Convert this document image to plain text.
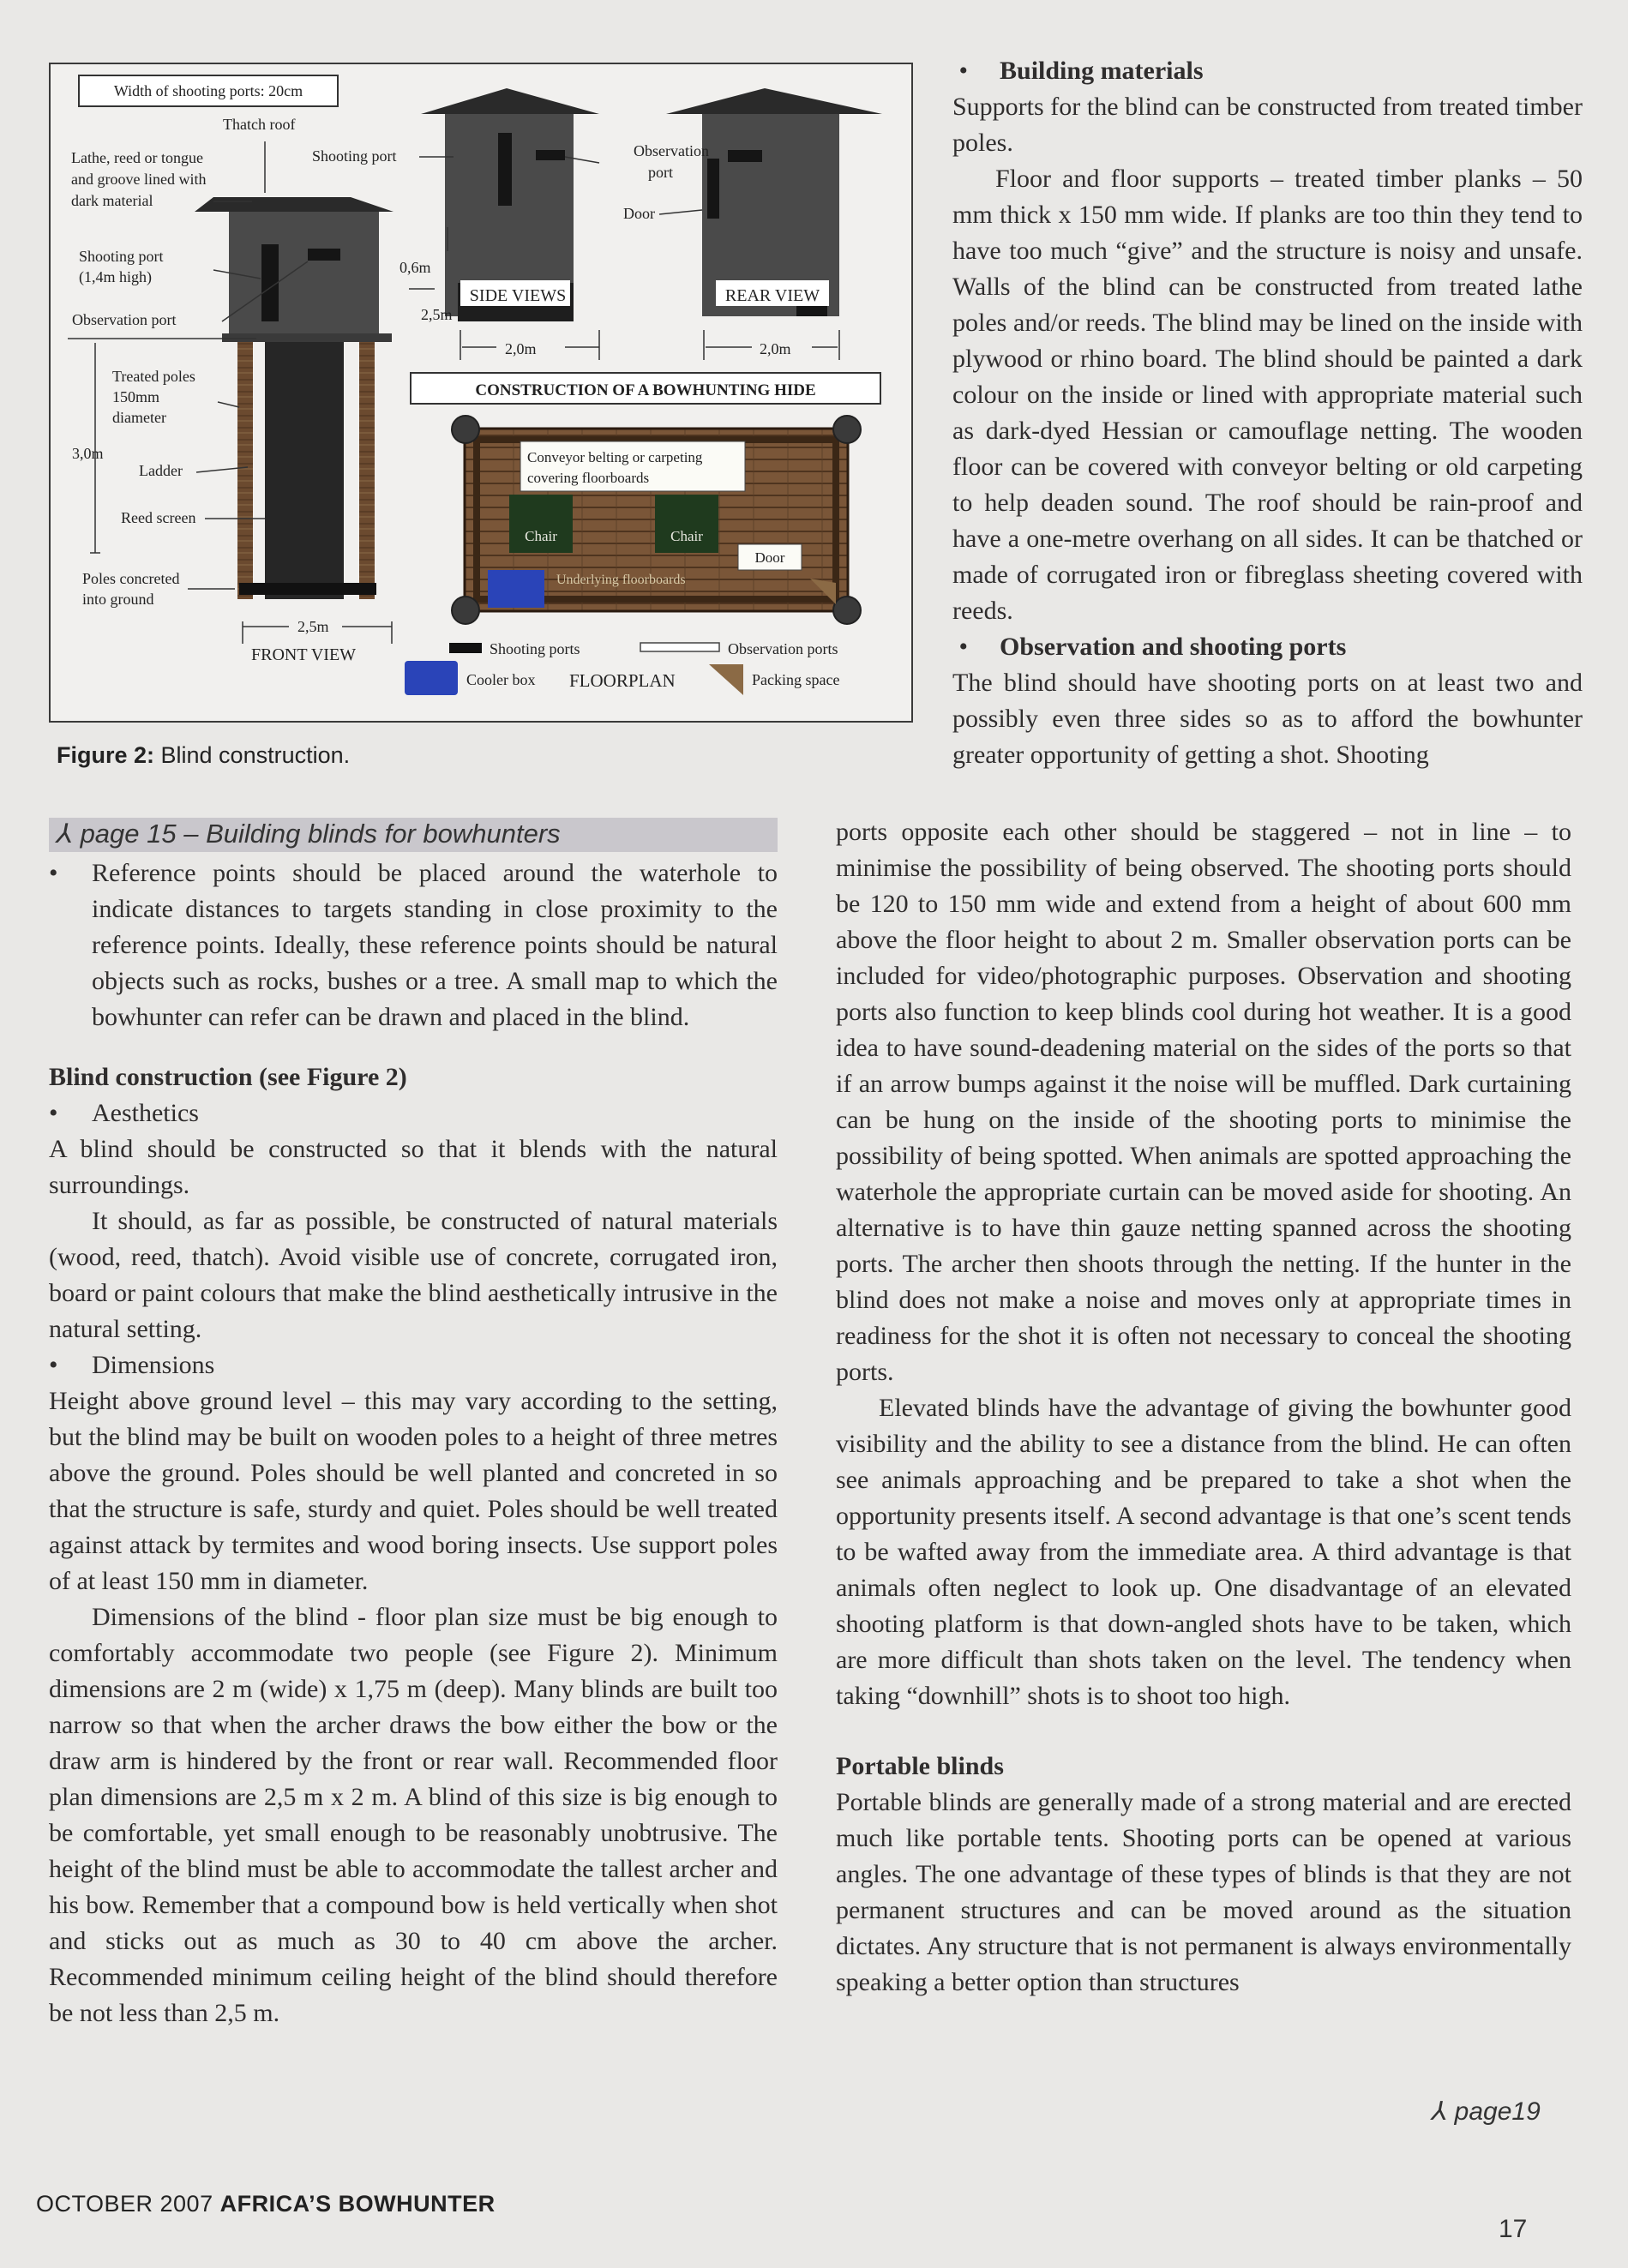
Width of shooting ports: 20cm
SIDE VIEWS	REAR VIEW
Thatch roof
Lathe, reed or tongue
and groove lined with
dark material
Shooting port	Observation
port
Door
Shooting port
(1,4m high)
Observation port
Treated poles
150mm
diameter
3,0m
Ladder
Reed screen
Poles concreted
into ground
2,5m
FRONT VIEW
0,6m
2,5m
2,0m	2,0m
CONSTRUCTION OF A BOWHUNTING HIDE
Conveyor belting or carpeting
covering floorboards
Chair	Chair
Door
Underlying floorboards
Shooting ports	Observation ports
Cooler box FLOORPLAN	Packing space
Figure 2: Blind construction.
⅄ page 15 – Building blinds for bowhunters
•	Reference points should be placed around the waterhole to indicate distances to targets standing in close proximity to the reference points. Ideally, these reference points should be natural objects such as rocks, bushes or a tree. A small map to which the bowhunter can refer can be drawn and placed in the blind.
Blind construction (see Figure 2)
•	Aesthetics

A blind should be constructed so that it blends with the natural surroundings.

It should, as far as possible, be constructed of natural materials (wood, reed, thatch). Avoid visible use of concrete, corrugated iron, board or paint colours that make the blind aesthetically intrusive in the natural setting.

•	Dimensions

Height above ground level – this may vary according to the setting, but the blind may be built on wooden poles to a height of three metres above the ground. Poles should be well planted and concreted in so that the structure is safe, sturdy and quiet. Poles should be well treated against attack by termites and wood boring insects. Use support poles of at least 150 mm in diameter.

Dimensions of the blind - floor plan size must be big enough to comfortably accommodate two people (see Figure 2). Minimum dimensions are 2 m (wide) x 1,75 m (deep). Many blinds are built too narrow so that when the archer draws the bow either the bow or the draw arm is hindered by the front or rear wall. Recommended floor plan dimensions are 2,5 m x 2 m. A blind of this size is big enough to be comfortable, yet small enough to be reasonably unobtrusive. The height of the blind must be able to accommodate the tallest archer and his bow. Remember that a compound bow is held vertically when shot and sticks out as much as 30 to 40 cm above the archer. Recommended minimum ceiling height of the blind should therefore be not less than 2,5 m.

•	Building materials

Supports for the blind can be constructed from treated timber poles.

Floor and floor supports – treated timber planks – 50 mm thick x 150 mm wide. If planks are too thin they tend to have too much “give” and the structure is noisy and unsafe. Walls of the blind can be constructed from treated lathe poles and/or reeds. The blind may be lined on the inside with plywood or rhino board. The blind should be painted a dark colour on the inside or lined with appropriate material such as dark-dyed Hessian or camouflage netting. The wooden floor can be covered with conveyor belting or old carpeting to help deaden sound. The roof should be rain-proof and have a one-metre overhang on all sides. It can be thatched or made of corrugated iron or fibreglass sheeting covered with reeds.

•	Observation and shooting ports

The blind should have shooting ports on at least two and possibly even three sides so as to afford the bowhunter greater opportunity of getting a shot. Shooting

ports opposite each other should be staggered – not in line – to minimise the possibility of being observed. The shooting ports should be 120 to 150 mm wide and extend from a height of about 600 mm above the floor height to about 2 m. Smaller observation ports can be included for video/photographic purposes. Observation and shooting ports also function to keep blinds cool during hot weather. It is a good idea to have sound-deadening material on the sides of the ports so that if an arrow bumps against it the noise will be muffled. Dark curtaining can be hung on the inside of the shooting ports to minimise the possibility of being spotted. When animals are spotted approaching the waterhole the appropriate curtain can be moved aside for shooting. An alternative is to have thin gauze netting spanned across the shooting ports. The archer then shoots through the netting. If the hunter in the blind does not make a noise and moves only at appropriate times in readiness for the shot it is often not necessary to conceal the shooting ports.

Elevated blinds have the advantage of giving the bowhunter good visibility and the ability to see a distance from the blind. He can often see animals approaching and be prepared to take a shot when the opportunity presents itself. A second advantage is that one’s scent tends to be wafted away from the immediate area. A third advantage is that animals often neglect to look up. One disadvantage of an elevated shooting platform is that down-angled shots have to be taken, which are more difficult than shots taken on the level. The tendency when taking “downhill” shots is to shoot too high.

Portable blinds

Portable blinds are generally made of a strong material and are erected much like portable tents. Shooting ports can be opened at various angles. The one advantage of these types of blinds is that they are not permanent structures and can be moved around as the situation dictates. Any structure that is not permanent is always environmentally speaking a better option than structures

⅄ page19
OCTOBER 2007 AFRICA’S BOWHUNTER
17
